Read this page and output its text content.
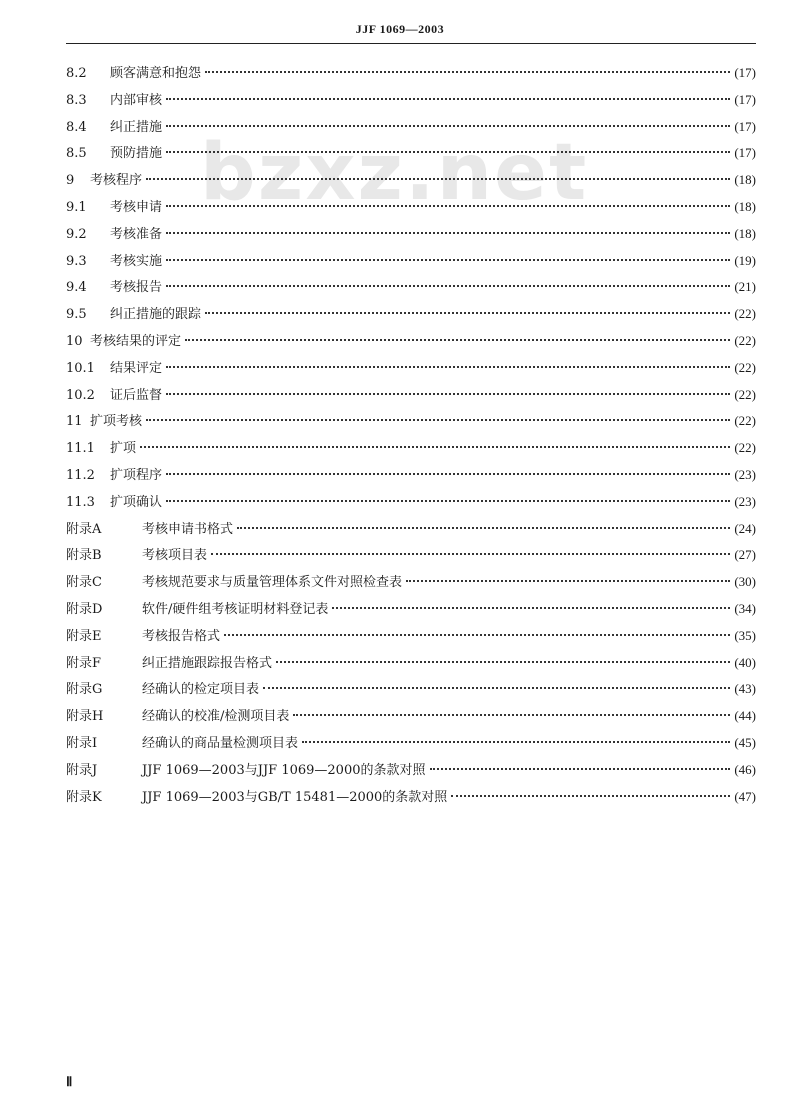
JJF 1069—2003
bzxz.net
8.2	顾客满意和抱怨	(17)
8.3	内部审核	(17)
8.4	纠正措施	(17)
8.5	预防措施	(17)
9	考核程序	(18)
9.1	考核申请	(18)
9.2	考核准备	(18)
9.3	考核实施	(19)
9.4	考核报告	(21)
9.5	纠正措施的跟踪	(22)
10 考核结果的评定	(22)
10.1	结果评定	(22)
10.2	证后监督	(22)
11 扩项考核	(22)
11.1	扩项	(22)
11.2	扩项程序	(23)
11.3	扩项确认	(23)
附录A	考核申请书格式	(24)
附录B	考核项目表	(27)
附录C	考核规范要求与质量管理体系文件对照检查表	(30)
附录D	软件/硬件组考核证明材料登记表	(34)
附录E	考核报告格式	(35)
附录F	纠正措施跟踪报告格式	(40)
附录G	经确认的检定项目表	(43)
附录H	经确认的校准/检测项目表	(44)
附录I	经确认的商品量检测项目表	(45)
附录J	JJF 1069—2003与JJF 1069—2000的条款对照	(46)
附录K	JJF 1069—2003与GB/T 15481—2000的条款对照	(47)
Ⅱ
